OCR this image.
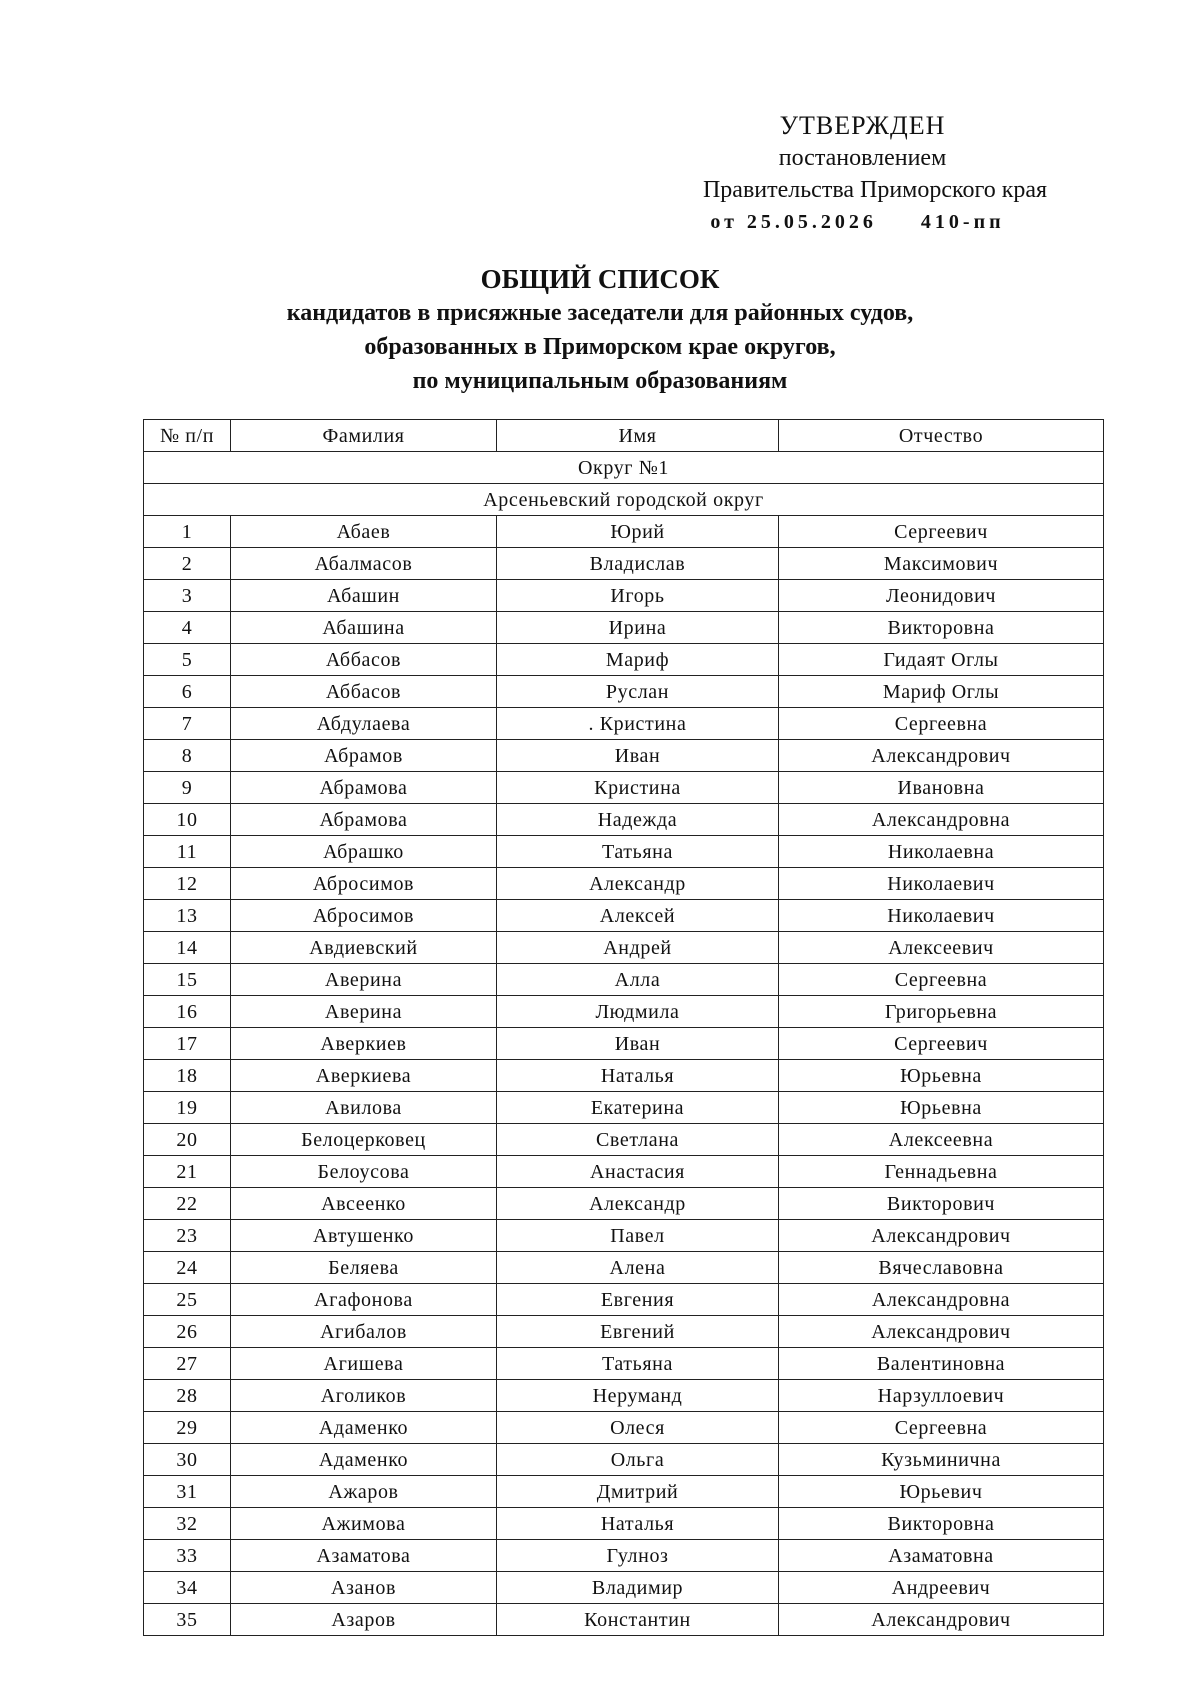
УТВЕРЖДЕН
постановлением
Правительства Приморского края
от 25.05.2026 410-пп
ОБЩИЙ СПИСОК
кандидатов в присяжные заседатели для районных судов,
образованных в Приморском крае округов,
по муниципальным образованиям
№ п/п	Фамилия	Имя	Отчество
Округ №1			
Арсеньевский городской округ			
1	Абаев	Юрий	Сергеевич
2	Абалмасов	Владислав	Максимович
3	Абашин	Игорь	Леонидович
4	Абашина	Ирина	Викторовна
5	Аббасов	Мариф	Гидаят Оглы
6	Аббасов	Руслан	Мариф Оглы
7	Абдулаева	. Кристина	Сергеевна
8	Абрамов	Иван	Александрович
9	Абрамова	Кристина	Ивановна
10	Абрамова	Надежда	Александровна
11	Абрашко	Татьяна	Николаевна
12	Абросимов	Александр	Николаевич
13	Абросимов	Алексей	Николаевич
14	Авдиевский	Андрей	Алексеевич
15	Аверина	Алла	Сергеевна
16	Аверина	Людмила	Григорьевна
17	Аверкиев	Иван	Сергеевич
18	Аверкиева	Наталья	Юрьевна
19	Авилова	Екатерина	Юрьевна
20	Белоцерковец	Светлана	Алексеевна
21	Белоусова	Анастасия	Геннадьевна
22	Авсеенко	Александр	Викторович
23	Автушенко	Павел	Александрович
24	Беляева	Алена	Вячеславовна
25	Агафонова	Евгения	Александровна
26	Агибалов	Евгений	Александрович
27	Агишева	Татьяна	Валентиновна
28	Аголиков	Неруманд	Нарзуллоевич
29	Адаменко	Олеся	Сергеевна
30	Адаменко	Ольга	Кузьминична
31	Ажаров	Дмитрий	Юрьевич
32	Ажимова	Наталья	Викторовна
33	Азаматова	Гулноз	Азаматовна
34	Азанов	Владимир	Андреевич
35	Азаров	Константин	Александрович
